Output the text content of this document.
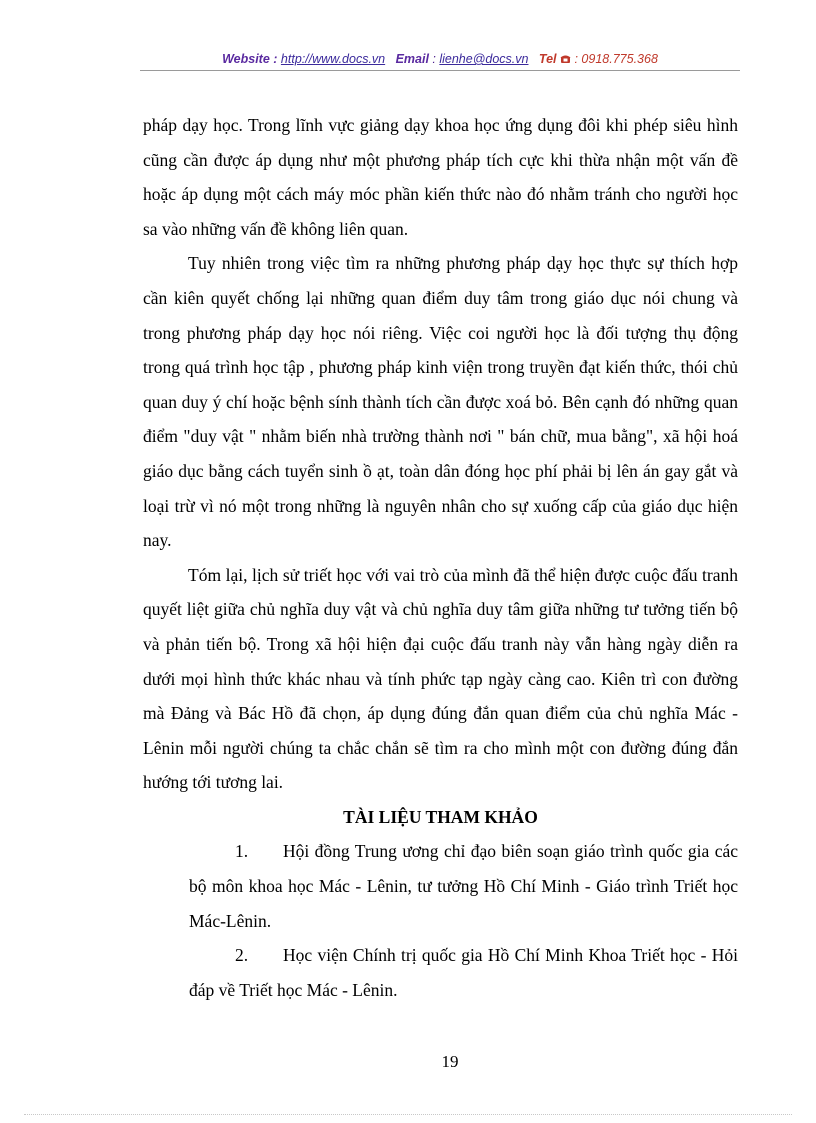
Website : http://www.docs.vn Email : lienhe@docs.vn Tel : 0918.775.368

pháp dạy học. Trong lĩnh vực giảng dạy khoa học ứng dụng đôi khi phép siêu hình cũng cần được áp dụng như một phương pháp tích cực khi thừa nhận một vấn đề hoặc áp dụng một cách máy móc phần kiến thức nào đó nhằm tránh cho người học sa vào những vấn đề không liên quan.

Tuy nhiên trong việc tìm ra những phương pháp dạy học thực sự thích hợp cần kiên quyết chống lại những quan điểm duy tâm trong giáo dục nói chung và trong phương pháp dạy học nói riêng. Việc coi người học là đối tượng thụ động trong quá trình học tập , phương pháp kinh viện trong truyền đạt kiến thức, thói chủ quan duy ý chí hoặc bệnh sính thành tích cần được xoá bỏ. Bên cạnh đó những quan điểm "duy vật " nhằm biến nhà trường thành nơi " bán chữ, mua bằng", xã hội hoá giáo dục bằng cách tuyển sinh ồ ạt, toàn dân đóng học phí phải bị lên án gay gắt và loại trừ vì nó một trong những là nguyên nhân cho sự xuống cấp của giáo dục hiện nay.

Tóm lại, lịch sử triết học với vai trò của mình đã thể hiện được cuộc đấu tranh quyết liệt giữa chủ nghĩa duy vật và chủ nghĩa duy tâm giữa những tư tưởng tiến bộ và phản tiến bộ. Trong xã hội hiện đại cuộc đấu tranh này vẫn hàng ngày diễn ra dưới mọi hình thức khác nhau và tính phức tạp ngày càng cao. Kiên trì con đường mà Đảng và Bác Hồ đã chọn, áp dụng đúng đắn quan điểm của chủ nghĩa Mác - Lênin mỗi người chúng ta chắc chắn sẽ tìm ra cho mình một con đường đúng đắn hướng tới tương lai.

TÀI LIỆU THAM KHẢO

1. Hội đồng Trung ương chỉ đạo biên soạn giáo trình quốc gia các bộ môn khoa học Mác - Lênin, tư tưởng Hồ Chí Minh - Giáo trình Triết học Mác-Lênin.

2. Học viện Chính trị quốc gia Hồ Chí Minh Khoa Triết học - Hỏi đáp về Triết học Mác - Lênin.

19
